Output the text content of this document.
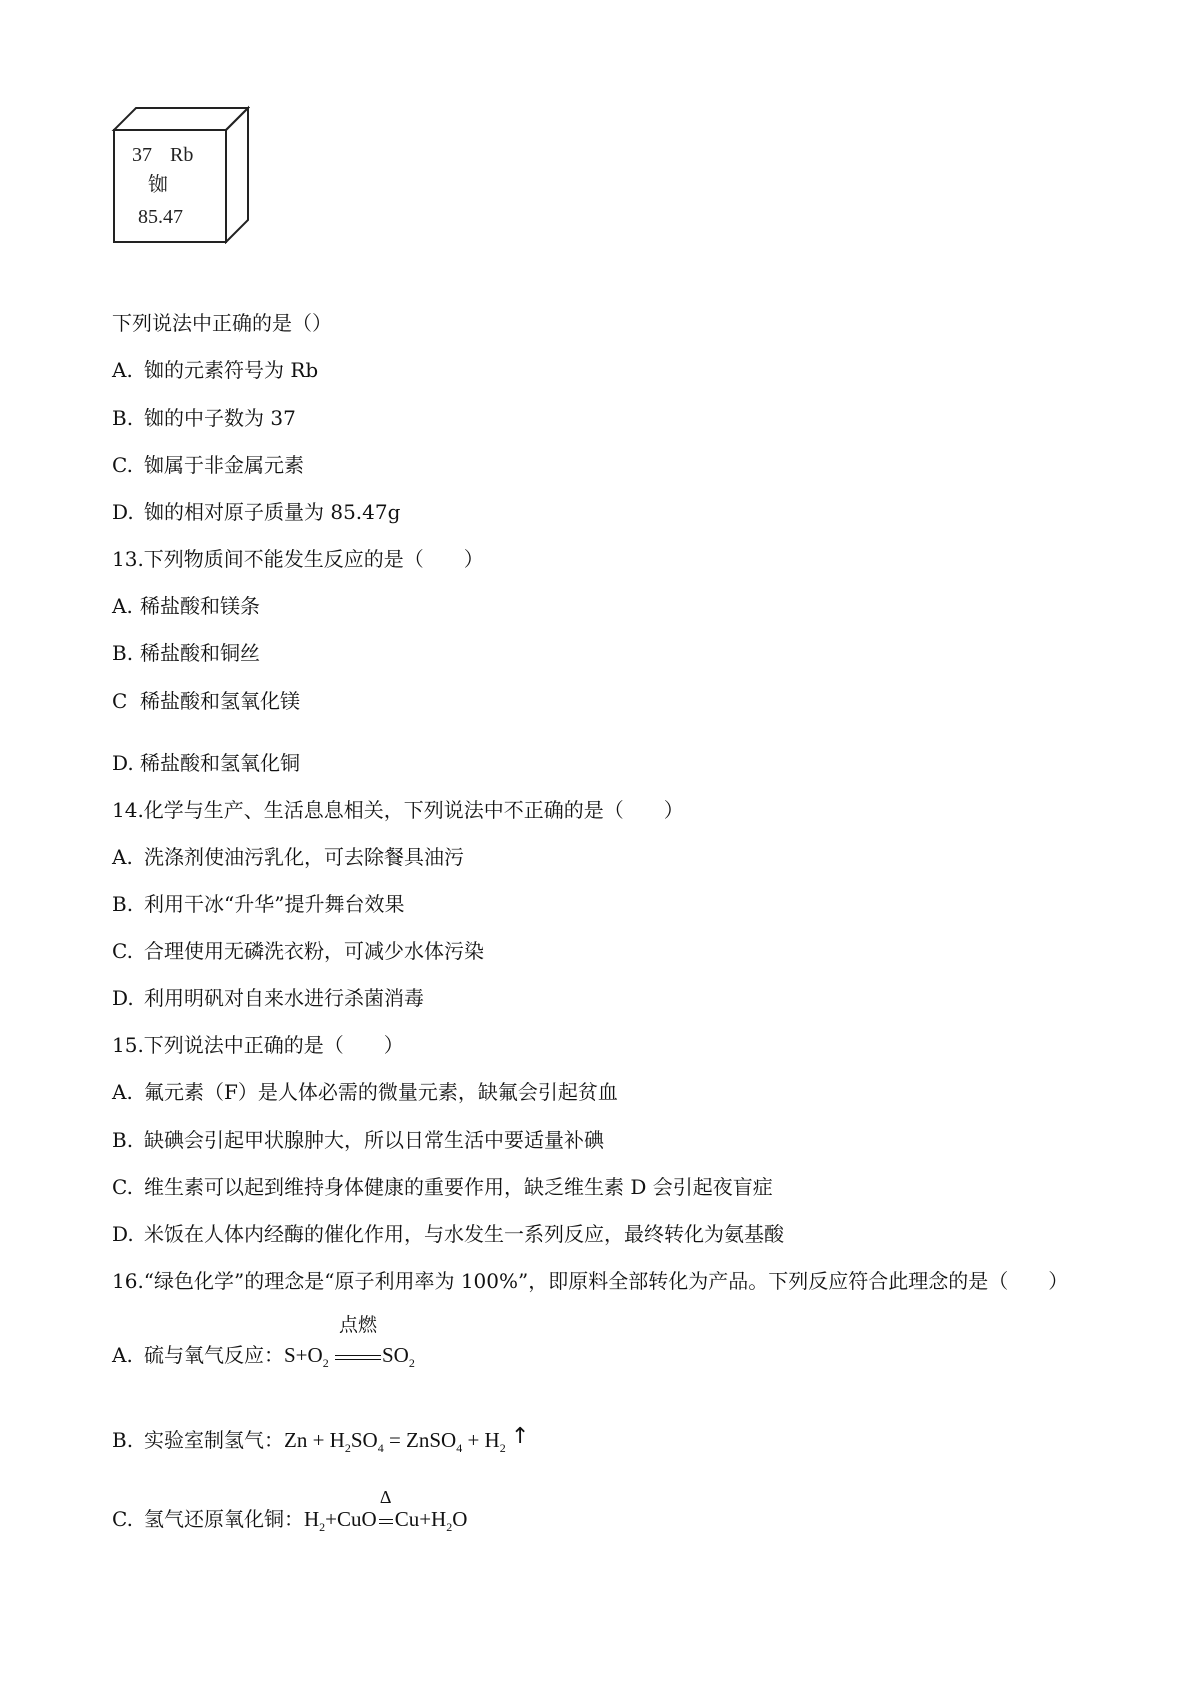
37 Rb
铷
85.47
下列说法中正确的是（）
A. 铷的元素符号为 Rb
B. 铷的中子数为 37
C. 铷属于非金属元素
D. 铷的相对原子质量为 85.47g
13.下列物质间不能发生反应的是（　　）
A. 稀盐酸和镁条
B. 稀盐酸和铜丝
C 稀盐酸和氢氧化镁
D. 稀盐酸和氢氧化铜
14.化学与生产、生活息息相关，下列说法中不正确的是（　　）
A. 洗涤剂使油污乳化，可去除餐具油污
B. 利用干冰“升华”提升舞台效果
C. 合理使用无磷洗衣粉，可减少水体污染
D. 利用明矾对自来水进行杀菌消毒
15.下列说法中正确的是（　　）
A. 氟元素（F）是人体必需的微量元素，缺氟会引起贫血
B. 缺碘会引起甲状腺肿大，所以日常生活中要适量补碘
C. 维生素可以起到维持身体健康的重要作用，缺乏维生素 D 会引起夜盲症
D. 米饭在人体内经酶的催化作用，与水发生一系列反应，最终转化为氨基酸
16.“绿色化学”的理念是“原子利用率为 100%”，即原料全部转化为产品。下列反应符合此理念的是（　　）
A. 硫与氧气反应：$S+O_2$
点燃
$SO_2$
B. 实验室制氢气：$Zn + H_2SO_4$ = ZnSO$_4$ + $H_2$ ↑
C. 氢气还原氧化铜：$H_2+CuO$
Δ
$Cu+H_2O$
